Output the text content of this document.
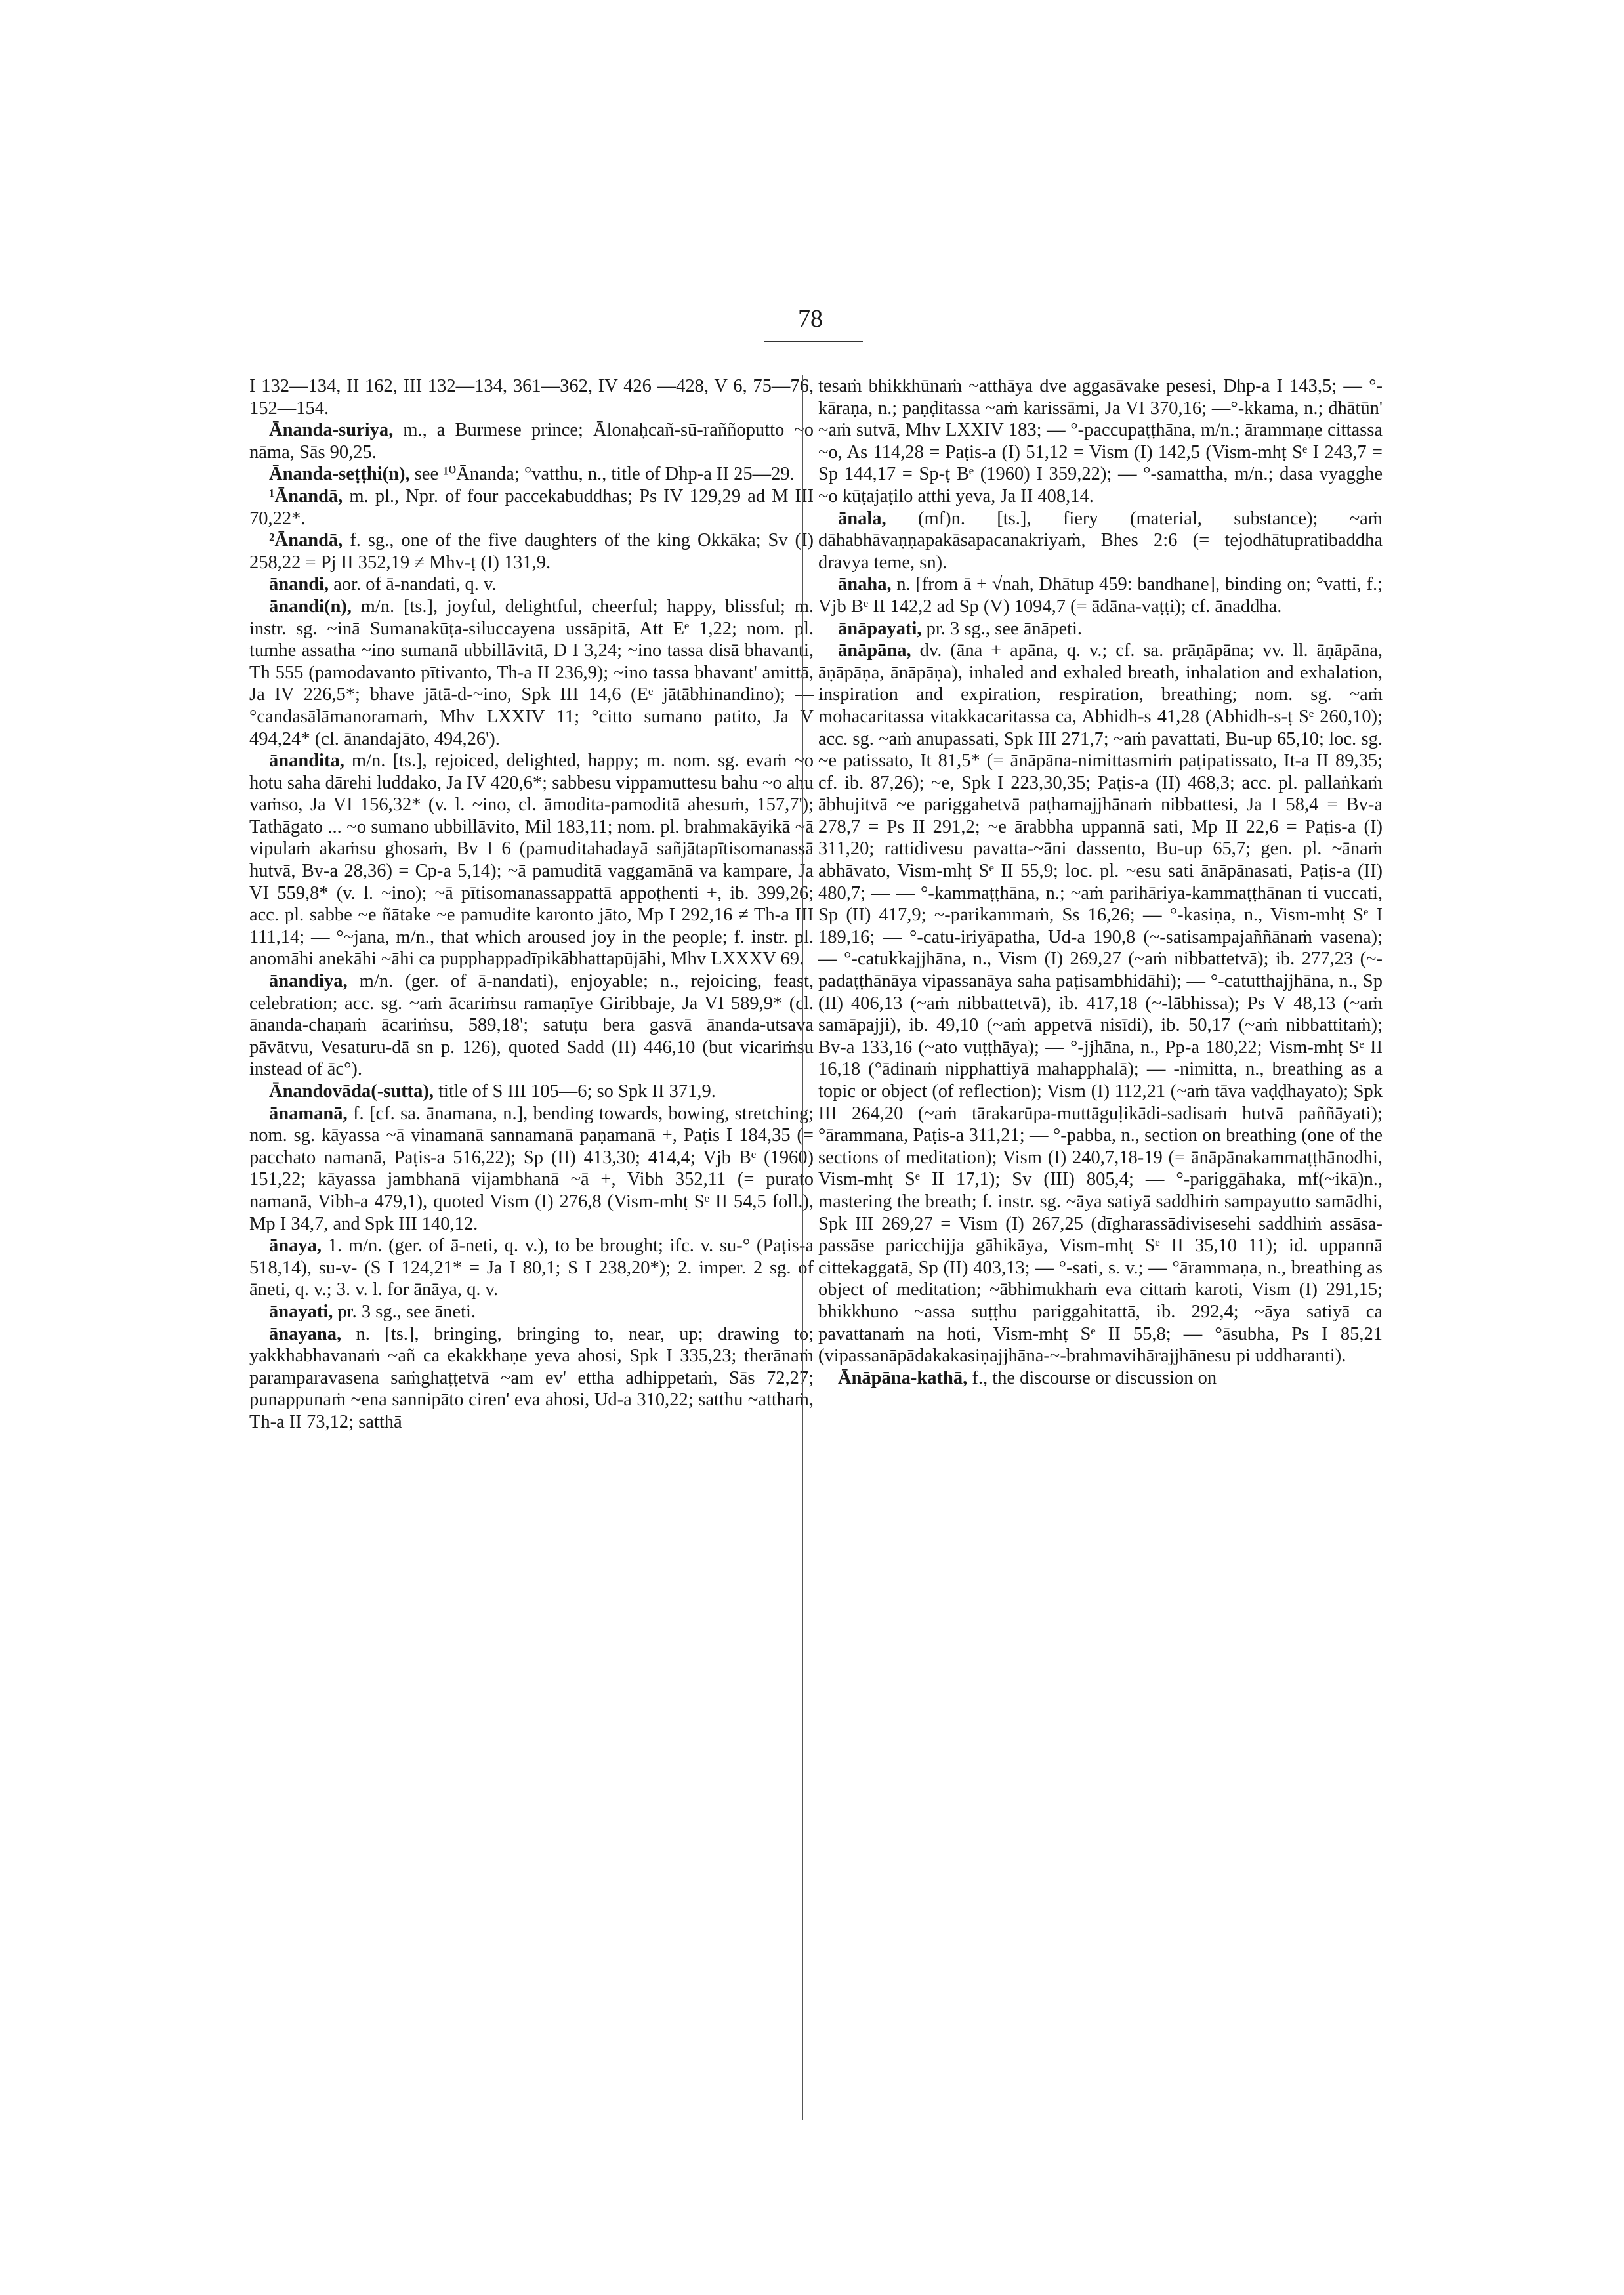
78

I 132—134, II 162, III 132—134, 361—362, IV 426 —428, V 6, 75—76, 152—154.

Ānanda-suriya, m., a Burmese prince; Ālonaḥcañ-sū-raññoputto ~o nāma, Sās 90,25.

Ānanda-seṭṭhi(n), see ¹⁰Ānanda; °vatthu, n., title of Dhp-a II 25—29.

¹Ānandā, m. pl., Npr. of four paccekabuddhas; Ps IV 129,29 ad M III 70,22*.

²Ānandā, f. sg., one of the five daughters of the king Okkāka; Sv (I) 258,22 = Pj II 352,19 ≠ Mhv-ṭ (I) 131,9.

ānandi, aor. of ā-nandati, q. v.

ānandi(n), m/n. [ts.], joyful, delightful, cheerful; happy, blissful; m. instr. sg. ~inā Sumanakūṭa-siluccayena ussāpitā, Att Eᵉ 1,22; nom. pl. tumhe assatha ~ino sumanā ubbillāvitā, D I 3,24; ~ino tassa disā bhavanti, Th 555 (pamodavanto pītivanto, Th-a II 236,9); ~ino tassa bhavant' amittā, Ja IV 226,5*; bhave jātā-d-~ino, Spk III 14,6 (Eᵉ jātābhinandino); — °candasālāmanoramaṁ, Mhv LXXIV 11; °citto sumano patito, Ja V 494,24* (cl. ānandajāto, 494,26').

ānandita, m/n. [ts.], rejoiced, delighted, happy; m. nom. sg. evaṁ ~o hotu saha dārehi luddako, Ja IV 420,6*; sabbesu vippamuttesu bahu ~o ahu vaṁso, Ja VI 156,32* (v. l. ~ino, cl. āmodita-pamoditā ahesuṁ, 157,7'); Tathāgato ... ~o sumano ubbillāvito, Mil 183,11; nom. pl. brahmakāyikā ~ā vipulaṁ akaṁsu ghosaṁ, Bv I 6 (pamuditahadayā sañjātapītisomanassā hutvā, Bv-a 28,36) = Cp-a 5,14); ~ā pamuditā vaggamānā va kampare, Ja VI 559,8* (v. l. ~ino); ~ā pītisomanassappattā appoṭhenti +, ib. 399,26; acc. pl. sabbe ~e ñātake ~e pamudite karonto jāto, Mp I 292,16 ≠ Th-a III 111,14; — °~jana, m/n., that which aroused joy in the people; f. instr. pl. anomāhi anekāhi ~āhi ca pupphappadīpikābhattapūjāhi, Mhv LXXXV 69.

ānandiya, m/n. (ger. of ā-nandati), enjoyable; n., rejoicing, feast, celebration; acc. sg. ~aṁ ācariṁsu ramaṇīye Giribbaje, Ja VI 589,9* (cl. ānanda-chaṇaṁ ācariṁsu, 589,18'; satuṭu bera gasvā ānanda-utsava pāvātvu, Vesaturu-dā sn p. 126), quoted Sadd (II) 446,10 (but vicariṁsu instead of āc°).

Ānandovāda(-sutta), title of S III 105—6; so Spk II 371,9.

ānamanā, f. [cf. sa. ānamana, n.], bending towards, bowing, stretching; nom. sg. kāyassa ~ā vinamanā sannamanā paṇamanā +, Paṭis I 184,35 (= pacchato namanā, Paṭis-a 516,22); Sp (II) 413,30; 414,4; Vjb Bᵉ (1960) 151,22; kāyassa jambhanā vijambhanā ~ā +, Vibh 352,11 (= purato namanā, Vibh-a 479,1), quoted Vism (I) 276,8 (Vism-mhṭ Sᵉ II 54,5 foll.), Mp I 34,7, and Spk III 140,12.

ānaya, 1. m/n. (ger. of ā-neti, q. v.), to be brought; ifc. v. su-° (Paṭis-a 518,14), su-v- (S I 124,21* = Ja I 80,1; S I 238,20*); 2. imper. 2 sg. of āneti, q. v.; 3. v. l. for ānāya, q. v.

ānayati, pr. 3 sg., see āneti.

ānayana, n. [ts.], bringing, bringing to, near, up; drawing to; yakkhabhavanaṁ ~añ ca ekakkhaṇe yeva ahosi, Spk I 335,23; therānaṁ paramparavasena saṁghaṭṭetvā ~am ev' ettha adhippetaṁ, Sās 72,27; punappunaṁ ~ena sannipāto ciren' eva ahosi, Ud-a 310,22; satthu ~atthaṁ, Th-a II 73,12; satthā

tesaṁ bhikkhūnaṁ ~atthāya dve aggasāvake pesesi, Dhp-a I 143,5; — °-kāraṇa, n.; paṇḍitassa ~aṁ karissāmi, Ja VI 370,16; —°-kkama, n.; dhātūn' ~aṁ sutvā, Mhv LXXIV 183; — °-paccupaṭṭhāna, m/n.; ārammaṇe cittassa ~o, As 114,28 = Paṭis-a (I) 51,12 = Vism (I) 142,5 (Vism-mhṭ Sᵉ I 243,7 = Sp 144,17 = Sp-ṭ Bᵉ (1960) I 359,22); — °-samattha, m/n.; dasa vyagghe ~o kūṭajaṭilo atthi yeva, Ja II 408,14.

ānala, (mf)n. [ts.], fiery (material, substance); ~aṁ dāhabhāvaṇṇapakāsapacanakriyaṁ, Bhes 2:6 (= tejodhātupratibaddha dravya teme, sn).

ānaha, n. [from ā + √nah, Dhātup 459: bandhane], binding on; °vatti, f.; Vjb Bᵉ II 142,2 ad Sp (V) 1094,7 (= ādāna-vaṭṭi); cf. ānaddha.

ānāpayati, pr. 3 sg., see ānāpeti.

ānāpāna, dv. (āna + apāna, q. v.; cf. sa. prāṇāpāna; vv. ll. āṇāpāna, āṇāpāṇa, ānāpāṇa), inhaled and exhaled breath, inhalation and exhalation, inspiration and expiration, respiration, breathing; nom. sg. ~aṁ mohacaritassa vitakkacaritassa ca, Abhidh-s 41,28 (Abhidh-s-ṭ Sᵉ 260,10); acc. sg. ~aṁ anupassati, Spk III 271,7; ~aṁ pavattati, Bu-up 65,10; loc. sg. ~e patissato, It 81,5* (= ānāpāna-nimittasmiṁ paṭipatissato, It-a II 89,35; cf. ib. 87,26); ~e, Spk I 223,30,35; Paṭis-a (II) 468,3; acc. pl. pallaṅkaṁ ābhujitvā ~e pariggahetvā paṭhamajjhānaṁ nibbattesi, Ja I 58,4 = Bv-a 278,7 = Ps II 291,2; ~e ārabbha uppannā sati, Mp II 22,6 = Paṭis-a (I) 311,20; rattidivesu pavatta-~āni dassento, Bu-up 65,7; gen. pl. ~ānaṁ abhāvato, Vism-mhṭ Sᵉ II 55,9; loc. pl. ~esu sati ānāpānasati, Paṭis-a (II) 480,7; — — °-kammaṭṭhāna, n.; ~aṁ parihāriya-kammaṭṭhānan ti vuccati, Sp (II) 417,9; ~-parikammaṁ, Ss 16,26; — °-kasiṇa, n., Vism-mhṭ Sᵉ I 189,16; — °-catu-iriyāpatha, Ud-a 190,8 (~-satisampajaññānaṁ vasena); — °-catukkajjhāna, n., Vism (I) 269,27 (~aṁ nibbattetvā); ib. 277,23 (~-padaṭṭhānāya vipassanāya saha paṭisambhidāhi); — °-catutthajjhāna, n., Sp (II) 406,13 (~aṁ nibbattetvā), ib. 417,18 (~-lābhissa); Ps V 48,13 (~aṁ samāpajji), ib. 49,10 (~aṁ appetvā nisīdi), ib. 50,17 (~aṁ nibbattitaṁ); Bv-a 133,16 (~ato vuṭṭhāya); — °-jjhāna, n., Pp-a 180,22; Vism-mhṭ Sᵉ II 16,18 (°ādinaṁ nipphattiyā mahapphalā); — -nimitta, n., breathing as a topic or object (of reflection); Vism (I) 112,21 (~aṁ tāva vaḍḍhayato); Spk III 264,20 (~aṁ tārakarūpa-muttāguḷikādi-sadisaṁ hutvā paññāyati); °ārammana, Paṭis-a 311,21; — °-pabba, n., section on breathing (one of the sections of meditation); Vism (I) 240,7,18-19 (= ānāpānakammaṭṭhānodhi, Vism-mhṭ Sᵉ II 17,1); Sv (III) 805,4; — °-pariggāhaka, mf(~ikā)n., mastering the breath; f. instr. sg. ~āya satiyā saddhiṁ sampayutto samādhi, Spk III 269,27 = Vism (I) 267,25 (dīgharassādivisesehi saddhiṁ assāsa-passāse paricchijja gāhikāya, Vism-mhṭ Sᵉ II 35,10 11); id. uppannā cittekaggatā, Sp (II) 403,13; — °-sati, s. v.; — °ārammaṇa, n., breathing as object of meditation; ~ābhimukhaṁ eva cittaṁ karoti, Vism (I) 291,15; bhikkhuno ~assa suṭṭhu pariggahitattā, ib. 292,4; ~āya satiyā ca pavattanaṁ na hoti, Vism-mhṭ Sᵉ II 55,8; — °āsubha, Ps I 85,21 (vipassanāpādakakasiṇajjhāna-~-brahmavihārajjhānesu pi uddharanti).

Ānāpāna-kathā, f., the discourse or discussion on
